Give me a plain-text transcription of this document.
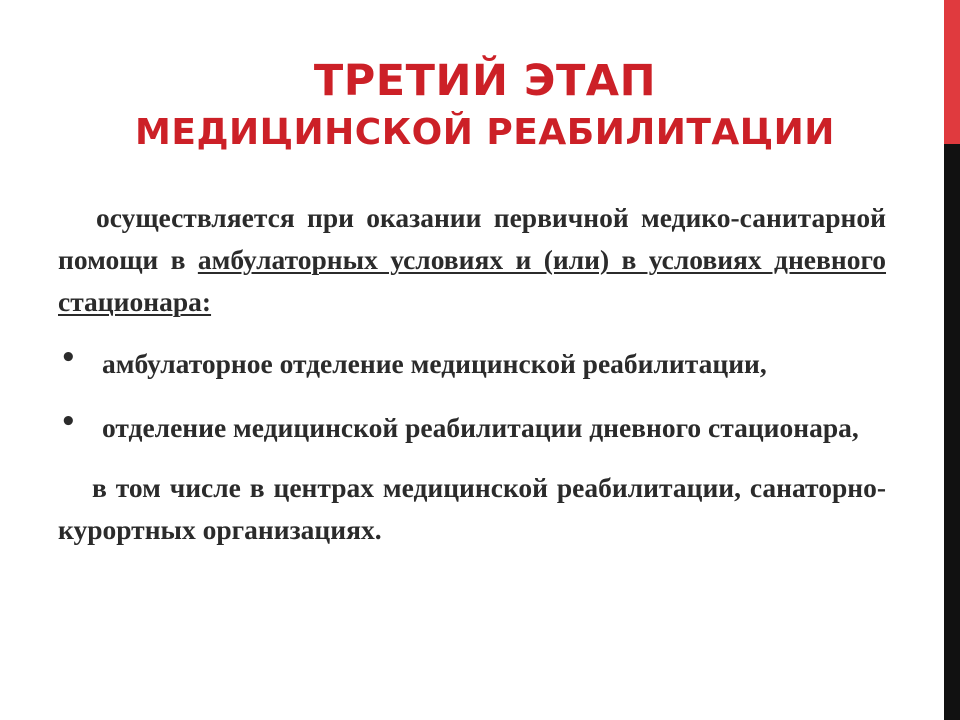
ТРЕТИЙ ЭТАП
МЕДИЦИНСКОЙ РЕАБИЛИТАЦИИ

осуществляется при оказании первичной медико-санитарной помощи в амбулаторных условиях и (или) в условиях дневного стационара:

• амбулаторное отделение медицинской реабилитации,
• отделение медицинской реабилитации дневного стационара,

в том числе в центрах медицинской реабилитации, санаторно-курортных организациях.
